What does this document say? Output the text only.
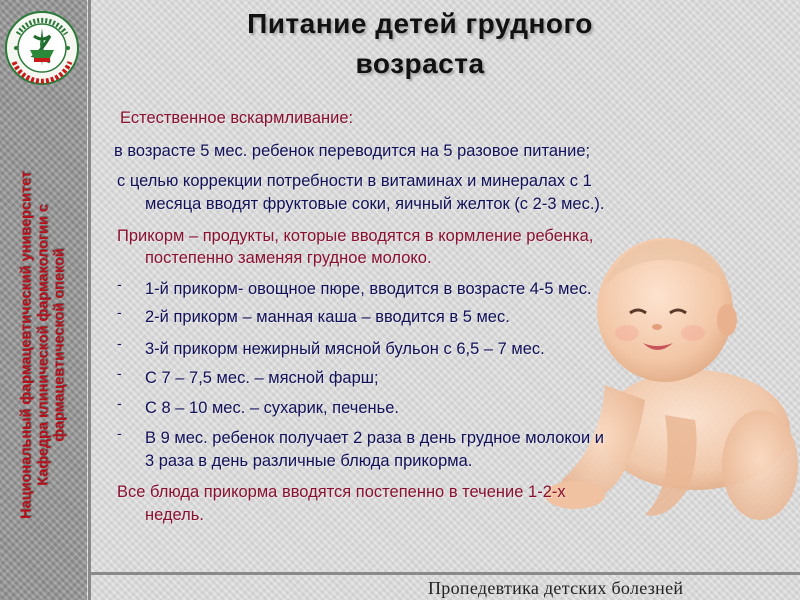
Национальный фармацевтический университет Кафедра клинической фармакологии с фармацевтической опекой
Питание детей грудного
возраста
Естественное вскармливание:
в возрасте 5 мес. ребенок переводится на 5 разовое питание;
с целью коррекции потребности в витаминах и минералах с 1
месяца вводят фруктовые соки, яичный желток (с 2-3 мес.).
Прикорм – продукты, которые вводятся в кормление ребенка,
постепенно заменяя грудное молоко.
- 1-й прикорм- овощное пюре, вводится в возрасте 4-5 мес.
- 2-й прикорм – манная каша – вводится в 5 мес.
- 3-й прикорм нежирный мясной бульон с 6,5 – 7 мес.
- С 7 – 7,5 мес. – мясной фарш;
- С 8 – 10 мес. – сухарик, печенье.
- В 9 мес. ребенок получает 2 раза в день грудное молокои и
3 раза в день различные блюда прикорма.
Все блюда прикорма вводятся постепенно в течение 1-2-х
недель.
Пропедевтика детских болезней
